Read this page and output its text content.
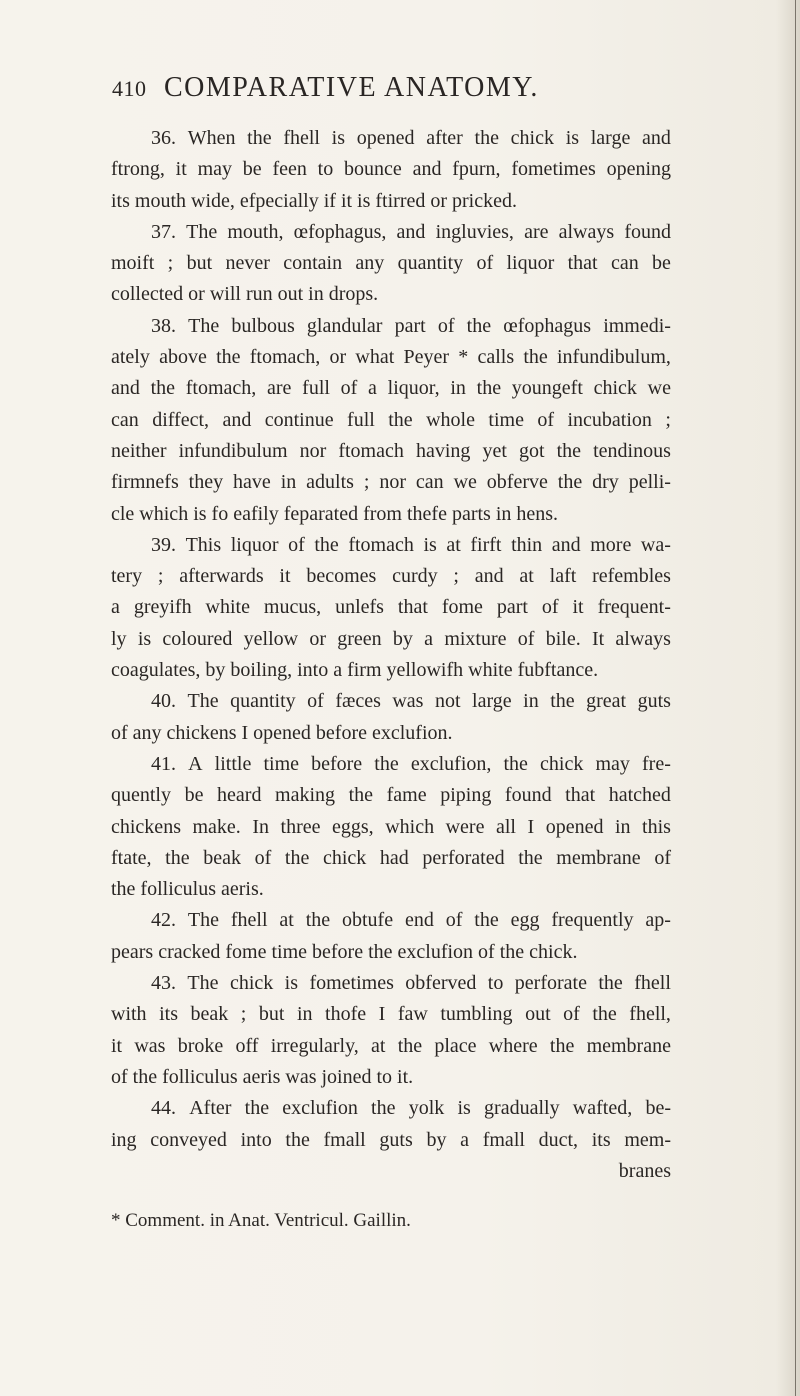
410 COMPARATIVE ANATOMY.
36. When the fhell is opened after the chick is large and
ftrong, it may be feen to bounce and fpurn, fometimes opening
its mouth wide, efpecially if it is ftirred or pricked.
37. The mouth, œfophagus, and ingluvies, are always found
moift ; but never contain any quantity of liquor that can be
collected or will run out in drops.
38. The bulbous glandular part of the œfophagus immedi-
ately above the ftomach, or what Peyer * calls the infundibulum,
and the ftomach, are full of a liquor, in the youngeft chick we
can diffect, and continue full the whole time of incubation ;
neither infundibulum nor ftomach having yet got the tendinous
firmnefs they have in adults ; nor can we obferve the dry pelli-
cle which is fo eafily feparated from thefe parts in hens.
39. This liquor of the ftomach is at firft thin and more wa-
tery ; afterwards it becomes curdy ; and at laft refembles
a greyifh white mucus, unlefs that fome part of it frequent-
ly is coloured yellow or green by a mixture of bile. It always
coagulates, by boiling, into a firm yellowifh white fubftance.
40. The quantity of fæces was not large in the great guts
of any chickens I opened before exclufion.
41. A little time before the exclufion, the chick may fre-
quently be heard making the fame piping found that hatched
chickens make. In three eggs, which were all I opened in this
ftate, the beak of the chick had perforated the membrane of
the folliculus aeris.
42. The fhell at the obtufe end of the egg frequently ap-
pears cracked fome time before the exclufion of the chick.
43. The chick is fometimes obferved to perforate the fhell
with its beak ; but in thofe I faw tumbling out of the fhell,
it was broke off irregularly, at the place where the membrane
of the folliculus aeris was joined to it.
44. After the exclufion the yolk is gradually wafted, be-
ing conveyed into the fmall guts by a fmall duct, its mem-
branes
* Comment. in Anat. Ventricul. Gaillin.
